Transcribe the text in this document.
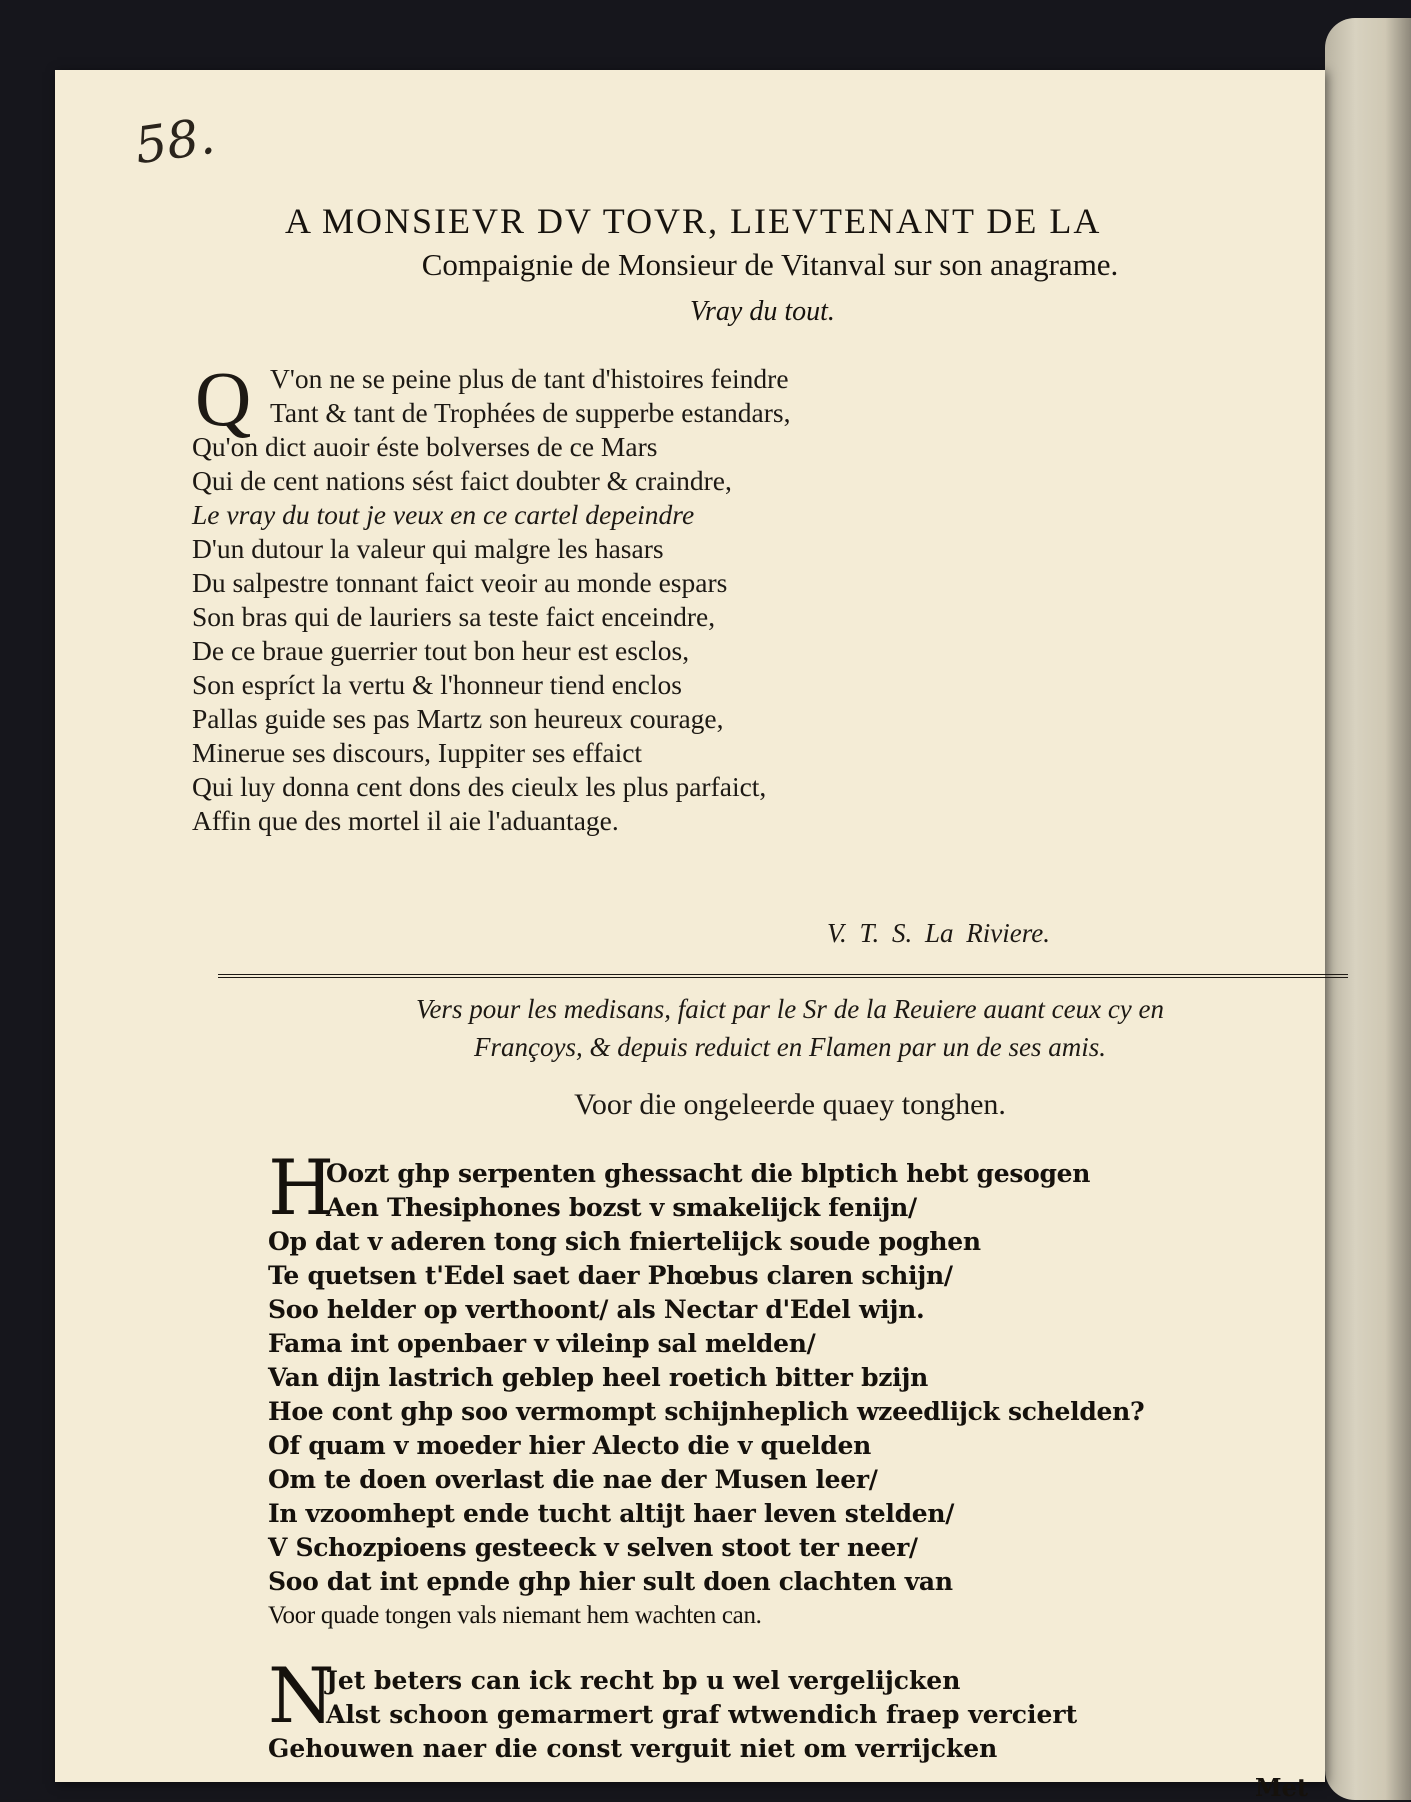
58.
A MONSIEVR DV TOVR, LIEVTENANT DE LA
Compaignie de Monsieur de Vitanval sur son anagrame.
Vray du tout.
Q V'on ne se peine plus de tant d'histoires feindre
Tant & tant de Trophées de supperbe estandars,
Qu'on dict auoir éste bolverses de ce Mars
Qui de cent nations sést faict doubter & craindre,
Le vray du tout je veux en ce cartel depeindre
D'un dutour la valeur qui malgre les hasars
Du salpestre tonnant faict veoir au monde espars
Son bras qui de lauriers sa teste faict enceindre,
De ce braue guerrier tout bon heur est esclos,
Son espríct la vertu & l'honneur tiend enclos
Pallas guide ses pas Martz son heureux courage,
Minerue ses discours, Iuppiter ses effaict
Qui luy donna cent dons des cieulx les plus parfaict,
Affin que des mortel il aie l'aduantage.
V. T. S. La Riviere.
Vers pour les medisans, faict par le Sr de la Reuiere auant ceux cy en
Françoys, & depuis reduict en Flamen par un de ses amis.
Voor die ongeleerde quaey tonghen.
H
Oozt ghp serpenten ghessacht die blptich hebt gesogen
Aen Thesiphones bozst v smakelijck fenijn/
Op dat v aderen tong sich fniertelijck soude poghen
Te quetsen t'Edel saet daer Phœbus claren schijn/
Soo helder op verthoont/ als Nectar d'Edel wijn.
Fama int openbaer v vileinp sal melden/
Van dijn lastrich geblep heel roetich bitter bzijn
Hoe cont ghp soo vermompt schijnheplich wzeedlijck schelden?
Of quam v moeder hier Alecto die v quelden
Om te doen overlast die nae der Musen leer/
In vzoomhept ende tucht altijt haer leven stelden/
V Schozpioens gesteeck v selven stoot ter neer/
Soo dat int epnde ghp hier sult doen clachten van
Voor quade tongen vals niemant hem wachten can.
N
Jet beters can ick recht bp u wel vergelijcken
Alst schoon gemarmert graf wtwendich fraep verciert
Gehouwen naer die const verguit niet om verrijcken
Met
